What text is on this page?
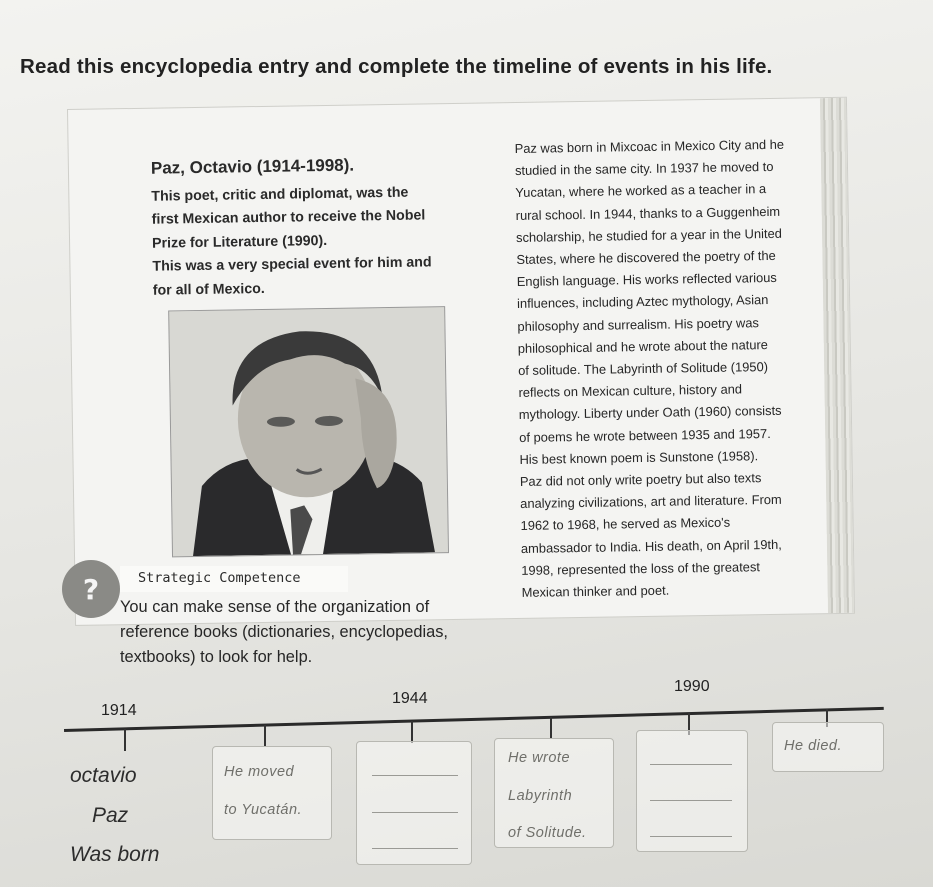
Read this encyclopedia entry and complete the timeline of events in his life.
Paz, Octavio (1914-1998).
This poet, critic and diplomat, was the
first Mexican author to receive the Nobel
Prize for Literature (1990).
This was a very special event for him and
for all of Mexico.
Paz was born in Mixcoac in Mexico City and he
studied in the same city. In 1937 he moved to
Yucatan, where he worked as a teacher in a
rural school. In 1944, thanks to a Guggenheim
scholarship, he studied for a year in the United
States, where he discovered the poetry of the
English language. His works reflected various
influences, including Aztec mythology, Asian
philosophy and surrealism. His poetry was
philosophical and he wrote about the nature
of solitude. The Labyrinth of Solitude (1950)
reflects on Mexican culture, history and
mythology. Liberty under Oath (1960) consists
of poems he wrote between 1935 and 1957.
His best known poem is Sunstone (1958).
Paz did not only write poetry but also texts
analyzing civilizations, art and literature. From
1962 to 1968, he served as Mexico's
ambassador to India. His death, on April 19th,
1998, represented the loss of the greatest
Mexican thinker and poet.
?	Strategic Competence
You can make sense of the organization of
reference books (dictionaries, encyclopedias,
textbooks) to look for help.
1914
1944
1990
octavio
Paz
Was born
He moved
to Yucatán.
He wrote
Labyrinth
of Solitude.
He died.
